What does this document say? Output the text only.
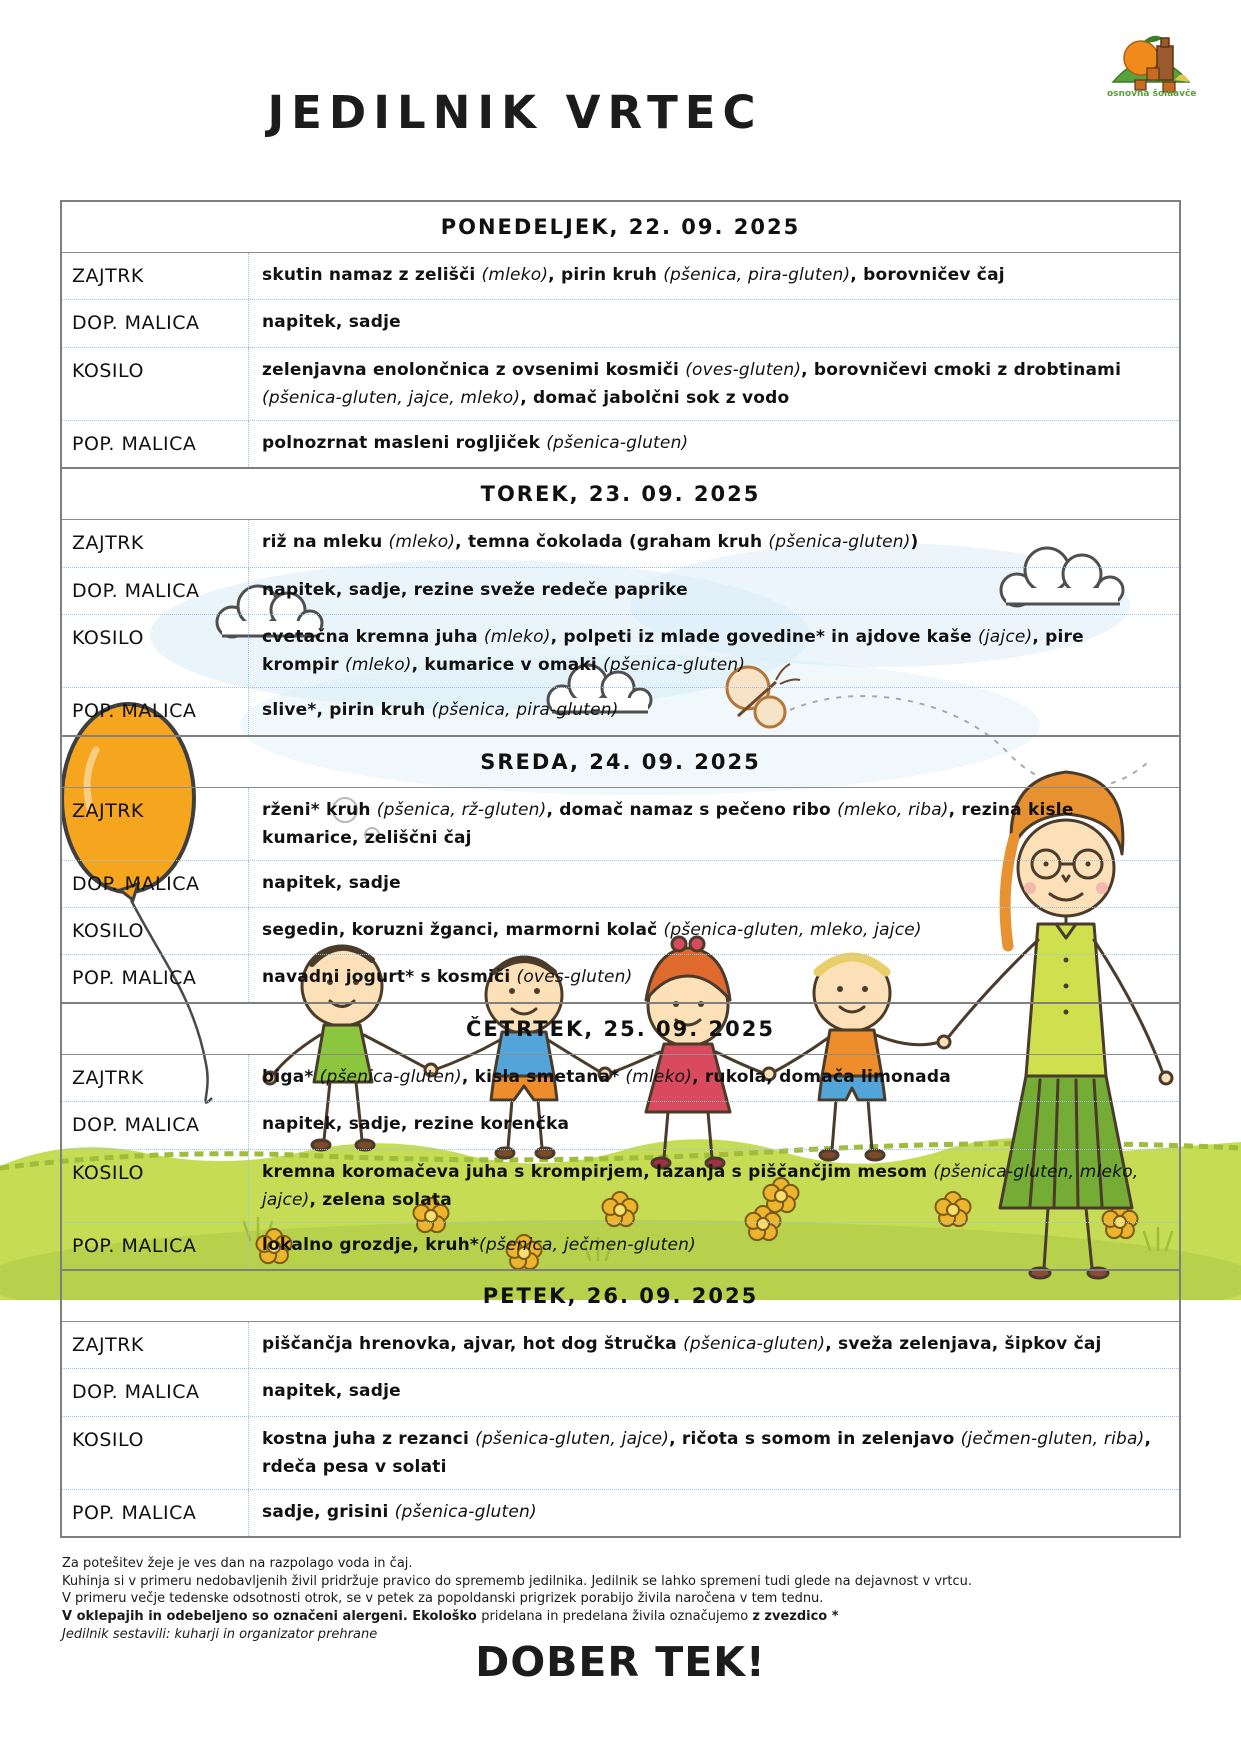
osnovna šola avče
JEDILNIK VRTEC
PONEDELJEK, 22. 09. 2025
ZAJTRK	skutin namaz z zelišči (mleko), pirin kruh (pšenica, pira-gluten), borovničev čaj
DOP. MALICA	napitek, sadje
KOSILO	zelenjavna enolončnica z ovsenimi kosmiči (oves-gluten), borovničevi cmoki z drobtinami (pšenica-gluten, jajce, mleko), domač jabolčni sok z vodo
POP. MALICA	polnozrnat masleni rogljiček (pšenica-gluten)
TOREK, 23. 09. 2025
ZAJTRK	riž na mleku (mleko), temna čokolada (graham kruh (pšenica-gluten))
DOP. MALICA	napitek, sadje, rezine sveže redeče paprike
KOSILO	cvetačna kremna juha (mleko), polpeti iz mlade govedine* in ajdove kaše (jajce), pire krompir (mleko), kumarice v omaki (pšenica-gluten)
POP. MALICA	slive*, pirin kruh (pšenica, pira-gluten)
SREDA, 24. 09. 2025
ZAJTRK	rženi* kruh (pšenica, rž-gluten), domač namaz s pečeno ribo (mleko, riba), rezina kisle kumarice, zeliščni čaj
DOP. MALICA	napitek, sadje
KOSILO	segedin, koruzni žganci, marmorni kolač (pšenica-gluten, mleko, jajce)
POP. MALICA	navadni jogurt* s kosmiči (oves-gluten)
ČETRTEK, 25. 09. 2025
ZAJTRK	biga* (pšenica-gluten), kisla smetana* (mleko), rukola, domača limonada
DOP. MALICA	napitek, sadje, rezine korenčka
KOSILO	kremna koromačeva juha s krompirjem, lazanja s piščančjim mesom (pšenica-gluten, mleko, jajce), zelena solata
POP. MALICA	lokalno grozdje, kruh*(pšenica, ječmen-gluten)
PETEK, 26. 09. 2025
ZAJTRK	piščančja hrenovka, ajvar, hot dog štručka (pšenica-gluten), sveža zelenjava, šipkov čaj
DOP. MALICA	napitek, sadje
KOSILO	kostna juha z rezanci (pšenica-gluten, jajce), ričota s somom in zelenjavo (ječmen-gluten, riba), rdeča pesa v solati
POP. MALICA	sadje, grisini (pšenica-gluten)
Za potešitev žeje je ves dan na razpolago voda in čaj.
Kuhinja si v primeru nedobavljenih živil pridržuje pravico do sprememb jedilnika. Jedilnik se lahko spremeni tudi glede na dejavnost v vrtcu.
V primeru večje tedenske odsotnosti otrok, se v petek za popoldanski prigrizek porabijo živila naročena v tem tednu.
V oklepajih in odebeljeno so označeni alergeni. Ekološko pridelana in predelana živila označujemo z zvezdico *
Jedilnik sestavili: kuharji in organizator prehrane
DOBER TEK!
